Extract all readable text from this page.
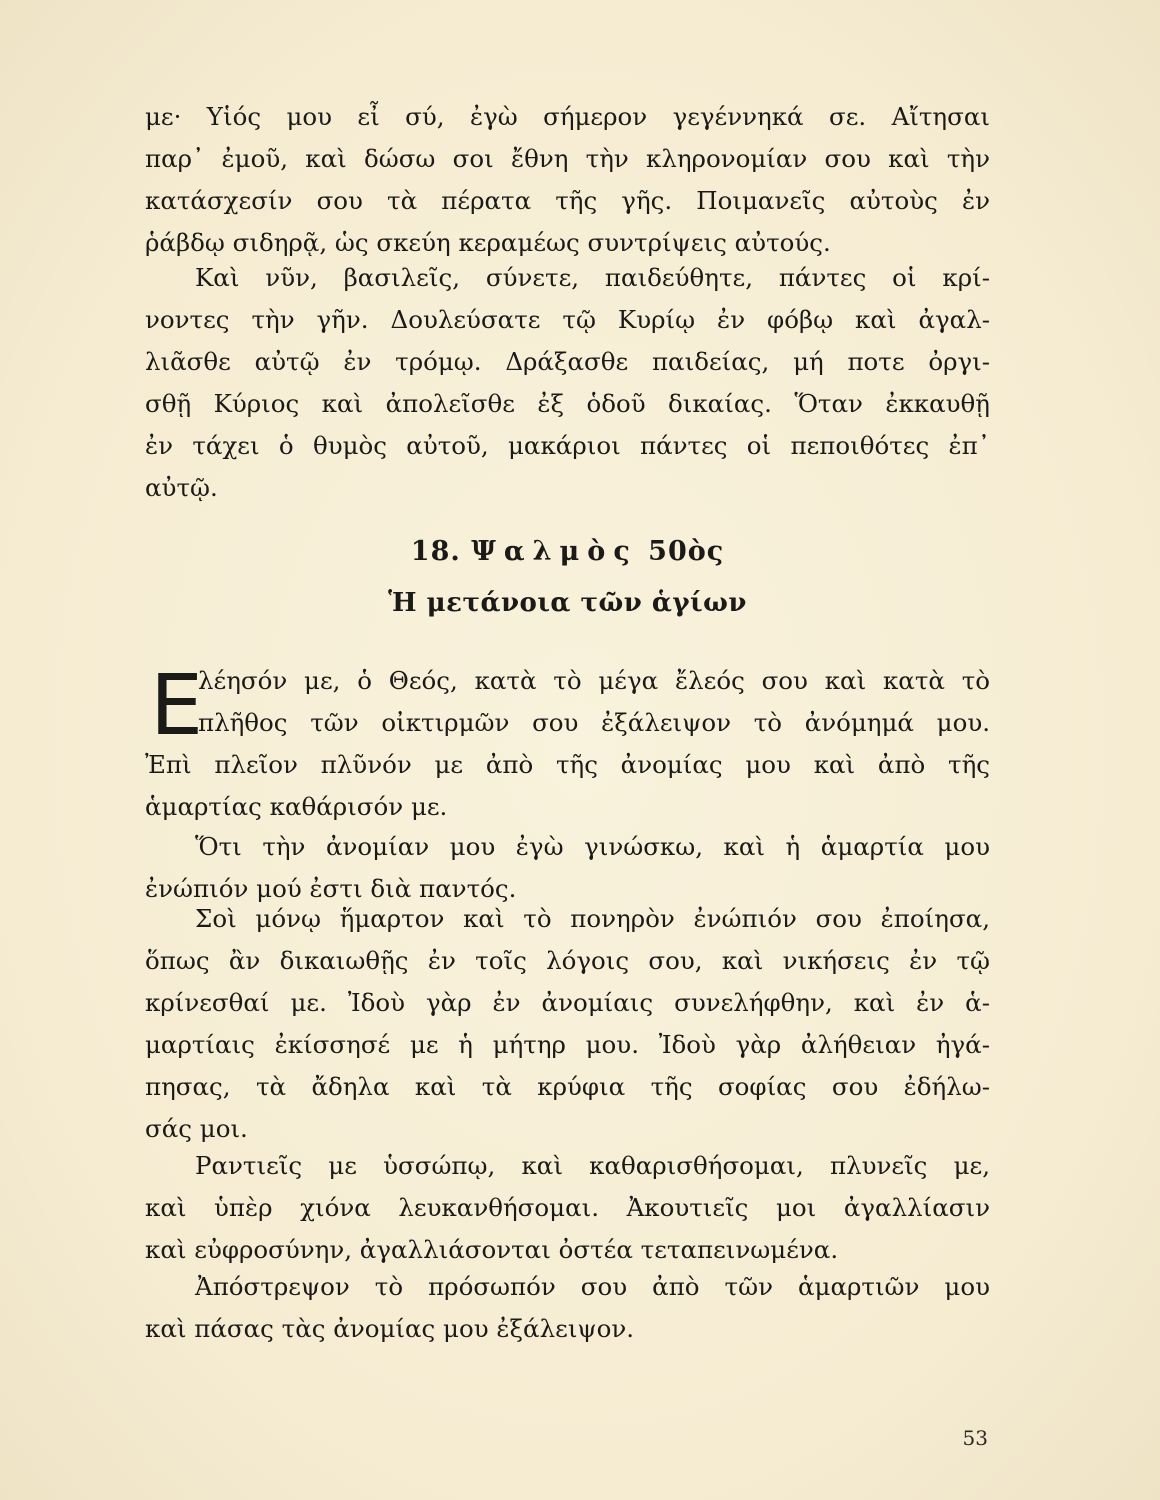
με· Υἱός μου εἶ σύ, ἐγὼ σήμερον γεγέννηκά σε. Αἴτησαι
παρ᾽ ἐμοῦ, καὶ δώσω σοι ἔθνη τὴν κληρονομίαν σου καὶ τὴν
κατάσχεσίν σου τὰ πέρατα τῆς γῆς. Ποιμανεῖς αὐτοὺς ἐν
ῥάβδῳ σιδηρᾷ, ὡς σκεύη κεραμέως συντρίψεις αὐτούς.
Καὶ νῦν, βασιλεῖς, σύνετε, παιδεύθητε, πάντες οἱ κρί-
νοντες τὴν γῆν. Δουλεύσατε τῷ Κυρίῳ ἐν φόβῳ καὶ ἀγαλ-
λιᾶσθε αὐτῷ ἐν τρόμῳ. Δράξασθε παιδείας, μή ποτε ὀργι-
σθῇ Κύριος καὶ ἀπολεῖσθε ἐξ ὁδοῦ δικαίας. Ὅταν ἐκκαυθῇ
ἐν τάχει ὁ θυμὸς αὐτοῦ, μακάριοι πάντες οἱ πεποιθότες ἐπ᾽
αὐτῷ.
18. Ψαλμὸς 50ὸς
Ἡ μετάνοια τῶν ἁγίων
Ε
λέησόν με, ὁ Θεός, κατὰ τὸ μέγα ἔλεός σου καὶ κατὰ τὸ
πλῆθος τῶν οἰκτιρμῶν σου ἐξάλειψον τὸ ἀνόμημά μου.
Ἐπὶ πλεῖον πλῦνόν με ἀπὸ τῆς ἀνομίας μου καὶ ἀπὸ τῆς
ἁμαρτίας καθάρισόν με.
Ὅτι τὴν ἀνομίαν μου ἐγὼ γινώσκω, καὶ ἡ ἁμαρτία μου
ἐνώπιόν μού ἐστι διὰ παντός.
Σοὶ μόνῳ ἥμαρτον καὶ τὸ πονηρὸν ἐνώπιόν σου ἐποίησα,
ὅπως ἂν δικαιωθῇς ἐν τοῖς λόγοις σου, καὶ νικήσεις ἐν τῷ
κρίνεσθαί με. Ἰδοὺ γὰρ ἐν ἀνομίαις συνελήφθην, καὶ ἐν ἁ-
μαρτίαις ἐκίσσησέ με ἡ μήτηρ μου. Ἰδοὺ γὰρ ἀλήθειαν ἠγά-
πησας, τὰ ἄδηλα καὶ τὰ κρύφια τῆς σοφίας σου ἐδήλω-
σάς μοι.
Ραντιεῖς με ὑσσώπῳ, καὶ καθαρισθήσομαι, πλυνεῖς με,
καὶ ὑπὲρ χιόνα λευκανθήσομαι. Ἀκουτιεῖς μοι ἀγαλλίασιν
καὶ εὐφροσύνην, ἀγαλλιάσονται ὀστέα τεταπεινωμένα.
Ἀπόστρεψον τὸ πρόσωπόν σου ἀπὸ τῶν ἁμαρτιῶν μου
καὶ πάσας τὰς ἀνομίας μου ἐξάλειψον.
53
